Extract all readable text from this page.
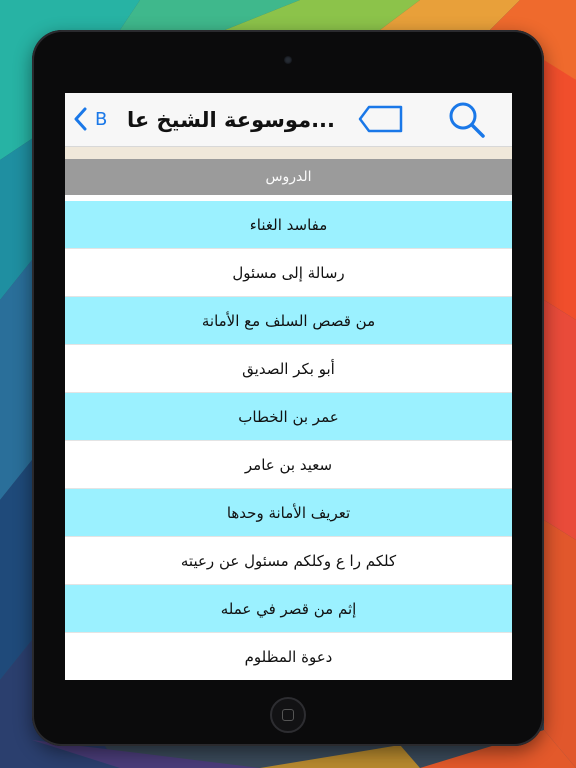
B موسوعة الشيخ عا...
الدروس
مفاسد الغناء
رسالة إلى مسئول
من قصص السلف مع الأمانة
أبو بكر الصديق
عمر بن الخطاب
سعيد بن عامر
تعريف الأمانة وحدها
كلكم را ع وكلكم مسئول عن رعيته
إثم من قصر في عمله
دعوة المظلوم
